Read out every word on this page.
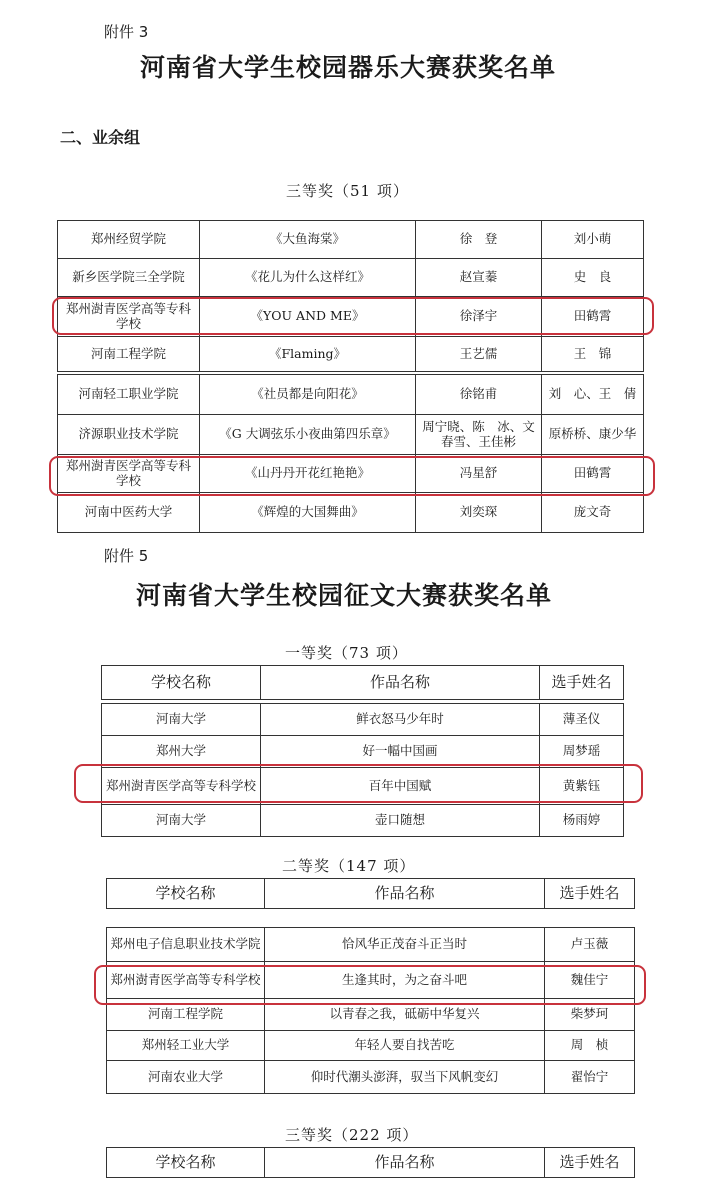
附件 3
河南省大学生校园器乐大赛获奖名单
二、业余组
三等奖（51 项）
郑州经贸学院	《大鱼海棠》	徐　登	刘小萌
新乡医学院三全学院	《花儿为什么这样红》	赵宣蓁	史　良
郑州澍青医学高等专科学校	《YOU AND ME》	徐泽宇	田鹤霄
河南工程学院	《Flaming》	王艺儒	王　锦
河南轻工职业学院	《社员都是向阳花》	徐铭甫	刘　心、王　倩
济源职业技术学院	《G 大调弦乐小夜曲第四乐章》	周宁晓、陈　冰、文春雪、王佳彬	原桥桥、康少华
郑州澍青医学高等专科学校	《山丹丹开花红艳艳》	冯星舒	田鹤霄
河南中医药大学	《辉煌的大国舞曲》	刘奕琛	庞文奇
附件 5
河南省大学生校园征文大赛获奖名单
一等奖（73 项）
学校名称	作品名称	选手姓名
河南大学	鲜衣怒马少年时	薄圣仪
郑州大学	好一幅中国画	周梦瑶
郑州澍青医学高等专科学校	百年中国赋	黄紫钰
河南大学	壶口随想	杨雨婷
二等奖（147 项）
学校名称	作品名称	选手姓名
郑州电子信息职业技术学院	恰风华正茂奋斗正当时	卢玉薇
郑州澍青医学高等专科学校	生逢其时，为之奋斗吧	魏佳宁
河南工程学院	以青春之我，砥砺中华复兴	柴梦珂
郑州轻工业大学	年轻人要自找苦吃	周　桢
河南农业大学	仰时代潮头澎湃，驭当下风帆变幻	翟怡宁
三等奖（222 项）
学校名称	作品名称	选手姓名
